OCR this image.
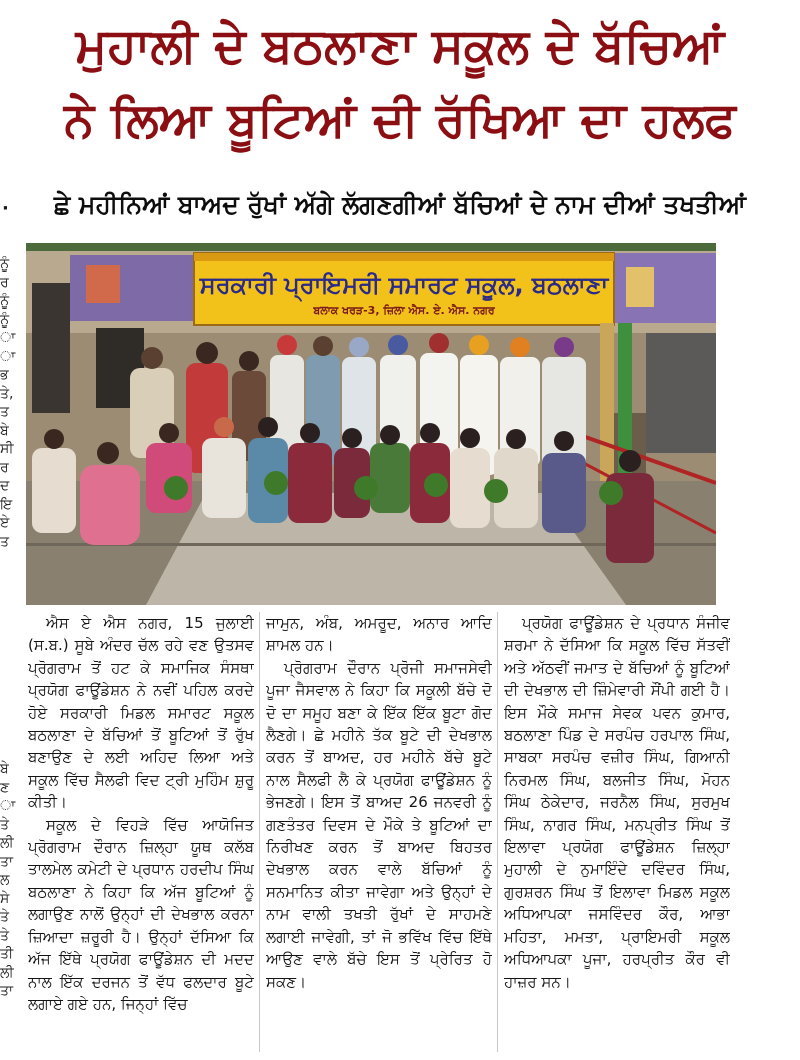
ਮੁਹਾਲੀ ਦੇ ਬਠਲਾਣਾ ਸਕੂਲ ਦੇ ਬੱਚਿਆਂ
ਨੇ ਲਿਆ ਬੂਟਿਆਂ ਦੀ ਰੱਖਿਆ ਦਾ ਹਲਫ
·	ਛੇ ਮਹੀਨਿਆਂ ਬਾਅਦ ਰੁੱਖਾਂ ਅੱਗੇ ਲੱਗਣਗੀਆਂ ਬੱਚਿਆਂ ਦੇ ਨਾਮ ਦੀਆਂ ਤਖਤੀਆਂ
ਨੂੰ
ਰ
ਨੂੰ
ਨੂੰ
ਾ
ਾ
ਭ
ਤੇ,
ਤ
ਬੇ
ਸੀ
ਰ
ਦ
ਇ
ਏ
ਤ
ਬੇ
ਣ
ਾ
ਤੇ
ਲੀ
ਤਾ
ਲ
ਸੇ
ਤੇ
ਤੇ
ਤੀ
ਲੀ
ਤਾ
ਸਰਕਾਰੀ ਪ੍ਰਾਇਮਰੀ ਸਮਾਰਟ ਸਕੂਲ, ਬਠਲਾਣਾ
ਬਲਾਕ ਖਰੜ-3, ਜ਼ਿਲਾ ਐਸ. ਏ. ਐਸ. ਨਗਰ

ਐਸ ਏ ਐਸ ਨਗਰ, 15 ਜੁਲਾਈ (ਸ.ਬ.) ਸੂਬੇ ਅੰਦਰ ਚੱਲ ਰਹੇ ਵਣ ਉਤਸਵ ਪ੍ਰੋਗਰਾਮ ਤੋਂ ਹਟ ਕੇ ਸਮਾਜਿਕ ਸੰਸਥਾ ਪ੍ਰਯੋਗ ਫਾਊਂਡੇਸ਼ਨ ਨੇ ਨਵੀਂ ਪਹਿਲ ਕਰਦੇ ਹੋਏ ਸਰਕਾਰੀ ਮਿਡਲ ਸਮਾਰਟ ਸਕੂਲ ਬਠਲਾਣਾ ਦੇ ਬੱਚਿਆਂ ਤੋਂ ਬੂਟਿਆਂ ਤੋਂ ਰੁੱਖ ਬਣਾਉਣ ਦੇ ਲਈ ਅਹਿਦ ਲਿਆ ਅਤੇ ਸਕੂਲ ਵਿੱਚ ਸੈਲਫੀ ਵਿਦ ਟ੍ਰੀ ਮੁਹਿੰਮ ਸ਼ੁਰੂ ਕੀਤੀ।

ਸਕੂਲ ਦੇ ਵਿਹੜੇ ਵਿੱਚ ਆਯੋਜਿਤ ਪ੍ਰੋਗਰਾਮ ਦੌਰਾਨ ਜ਼ਿਲ੍ਹਾ ਯੂਥ ਕਲੱਬ ਤਾਲਮੇਲ ਕਮੇਟੀ ਦੇ ਪ੍ਰਧਾਨ ਹਰਦੀਪ ਸਿੰਘ ਬਠਲਾਣਾ ਨੇ ਕਿਹਾ ਕਿ ਅੱਜ ਬੂਟਿਆਂ ਨੂੰ ਲਗਾਉਣ ਨਾਲੋਂ ਉਨ੍ਹਾਂ ਦੀ ਦੇਖਭਾਲ ਕਰਨਾ ਜ਼ਿਆਦਾ ਜ਼ਰੂਰੀ ਹੈ। ਉਨ੍ਹਾਂ ਦੱਸਿਆ ਕਿ ਅੱਜ ਇੱਥੇ ਪ੍ਰਯੋਗ ਫਾਊਂਡੇਸ਼ਨ ਦੀ ਮਦਦ ਨਾਲ ਇੱਕ ਦਰਜਨ ਤੋਂ ਵੱਧ ਫਲਦਾਰ ਬੂਟੇ ਲਗਾਏ ਗਏ ਹਨ, ਜਿਨ੍ਹਾਂ ਵਿੱਚ

ਜਾਮੁਨ, ਅੰਬ, ਅਮਰੂਦ, ਅਨਾਰ ਆਦਿ ਸ਼ਾਮਲ ਹਨ।

ਪ੍ਰੋਗਰਾਮ ਦੌਰਾਨ ਪ੍ਰੋਜੀ ਸਮਾਜਸੇਵੀ ਪੂਜਾ ਜੈਸਵਾਲ ਨੇ ਕਿਹਾ ਕਿ ਸਕੂਲੀ ਬੱਚੇ ਦੋ ਦੋ ਦਾ ਸਮੂਹ ਬਣਾ ਕੇ ਇੱਕ ਇੱਕ ਬੂਟਾ ਗੋਦ ਲੈਣਗੇ। ਛੇ ਮਹੀਨੇ ਤੱਕ ਬੂਟੇ ਦੀ ਦੇਖਭਾਲ ਕਰਨ ਤੋਂ ਬਾਅਦ, ਹਰ ਮਹੀਨੇ ਬੱਚੇ ਬੂਟੇ ਨਾਲ ਸੈਲਫੀ ਲੈ ਕੇ ਪ੍ਰਯੋਗ ਫਾਊਂਡੇਸ਼ਨ ਨੂੰ ਭੇਜਣਗੇ। ਇਸ ਤੋਂ ਬਾਅਦ 26 ਜਨਵਰੀ ਨੂੰ ਗਣਤੰਤਰ ਦਿਵਸ ਦੇ ਮੌਕੇ ਤੇ ਬੂਟਿਆਂ ਦਾ ਨਿਰੀਖਣ ਕਰਨ ਤੋਂ ਬਾਅਦ ਬਿਹਤਰ ਦੇਖਭਾਲ ਕਰਨ ਵਾਲੇ ਬੱਚਿਆਂ ਨੂੰ ਸਨਮਾਨਿਤ ਕੀਤਾ ਜਾਵੇਗਾ ਅਤੇ ਉਨ੍ਹਾਂ ਦੇ ਨਾਮ ਵਾਲੀ ਤਖਤੀ ਰੁੱਖਾਂ ਦੇ ਸਾਹਮਣੇ ਲਗਾਈ ਜਾਵੇਗੀ, ਤਾਂ ਜੋ ਭਵਿੱਖ ਵਿੱਚ ਇੱਥੇ ਆਉਣ ਵਾਲੇ ਬੱਚੇ ਇਸ ਤੋਂ ਪ੍ਰੇਰਿਤ ਹੋ ਸਕਣ।

ਪ੍ਰਯੋਗ ਫਾਊਂਡੇਸ਼ਨ ਦੇ ਪ੍ਰਧਾਨ ਸੰਜੀਵ ਸ਼ਰਮਾ ਨੇ ਦੱਸਿਆ ਕਿ ਸਕੂਲ ਵਿੱਚ ਸੱਤਵੀਂ ਅਤੇ ਅੱਠਵੀਂ ਜਮਾਤ ਦੇ ਬੱਚਿਆਂ ਨੂੰ ਬੂਟਿਆਂ ਦੀ ਦੇਖਭਾਲ ਦੀ ਜ਼ਿੰਮੇਵਾਰੀ ਸੌਂਪੀ ਗਈ ਹੈ। ਇਸ ਮੌਕੇ ਸਮਾਜ ਸੇਵਕ ਪਵਨ ਕੁਮਾਰ, ਬਠਲਾਣਾ ਪਿੰਡ ਦੇ ਸਰਪੰਚ ਹਰਪਾਲ ਸਿੰਘ, ਸਾਬਕਾ ਸਰਪੰਚ ਵਜ਼ੀਰ ਸਿੰਘ, ਗਿਆਨੀ ਨਿਰਮਲ ਸਿੰਘ, ਬਲਜੀਤ ਸਿੰਘ, ਮੋਹਨ ਸਿੰਘ ਠੇਕੇਦਾਰ, ਜਰਨੈਲ ਸਿੰਘ, ਸੁਰਮੁਖ ਸਿੰਘ, ਨਾਗਰ ਸਿੰਘ, ਮਨਪ੍ਰੀਤ ਸਿੰਘ ਤੋਂ ਇਲਾਵਾ ਪ੍ਰਯੋਗ ਫਾਊਂਡੇਸ਼ਨ ਜ਼ਿਲ੍ਹਾ ਮੁਹਾਲੀ ਦੇ ਨੁਮਾਇੰਦੇ ਦਵਿੰਦਰ ਸਿੰਘ, ਗੁਰਸ਼ਰਨ ਸਿੰਘ ਤੋਂ ਇਲਾਵਾ ਮਿਡਲ ਸਕੂਲ ਅਧਿਆਪਕਾ ਜਸਵਿੰਦਰ ਕੌਰ, ਆਭਾ ਮਹਿਤਾ, ਮਮਤਾ, ਪ੍ਰਾਇਮਰੀ ਸਕੂਲ ਅਧਿਆਪਕਾ ਪੂਜਾ, ਹਰਪ੍ਰੀਤ ਕੌਰ ਵੀ ਹਾਜ਼ਰ ਸਨ।
